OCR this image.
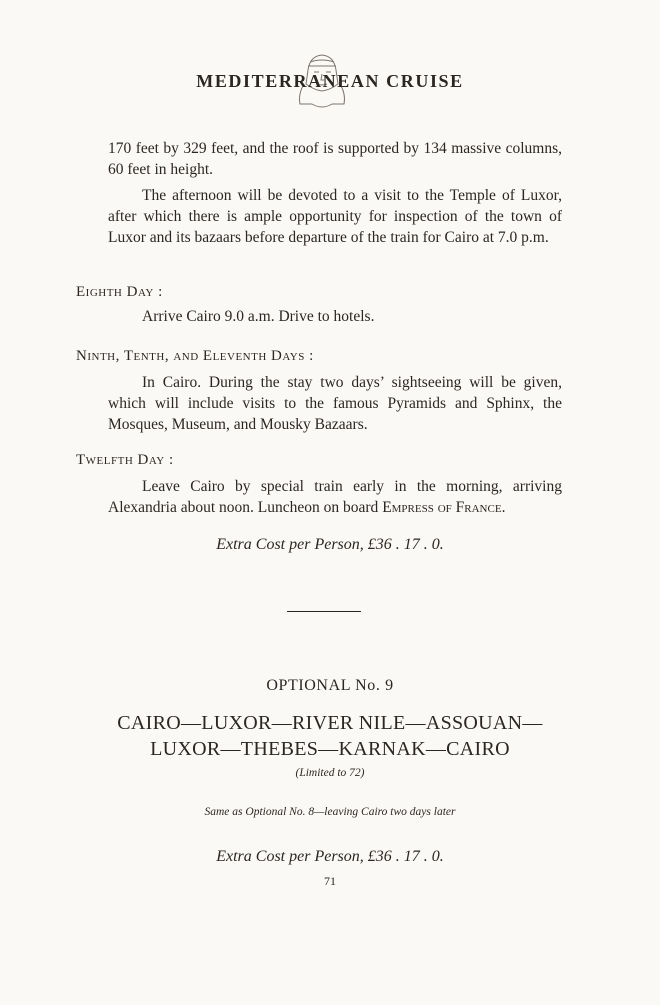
MEDITERRANEAN CRUISE
170 feet by 329 feet, and the roof is supported by 134 massive columns, 60 feet in height.
The afternoon will be devoted to a visit to the Temple of Luxor, after which there is ample opportunity for inspection of the town of Luxor and its bazaars before departure of the train for Cairo at 7.0 p.m.
Eighth Day :
Arrive Cairo 9.0 a.m. Drive to hotels.
Ninth, Tenth, and Eleventh Days :
In Cairo. During the stay two days’ sightseeing will be given, which will include visits to the famous Pyramids and Sphinx, the Mosques, Museum, and Mousky Bazaars.
Twelfth Day :
Leave Cairo by special train early in the morning, arriving Alexandria about noon. Luncheon on board Empress of France.
Extra Cost per Person, £36 . 17 . 0.
OPTIONAL No. 9
CAIRO—LUXOR—RIVER NILE—ASSOUAN—
LUXOR—THEBES—KARNAK—CAIRO
(Limited to 72)
Same as Optional No. 8—leaving Cairo two days later
Extra Cost per Person, £36 . 17 . 0.
71
